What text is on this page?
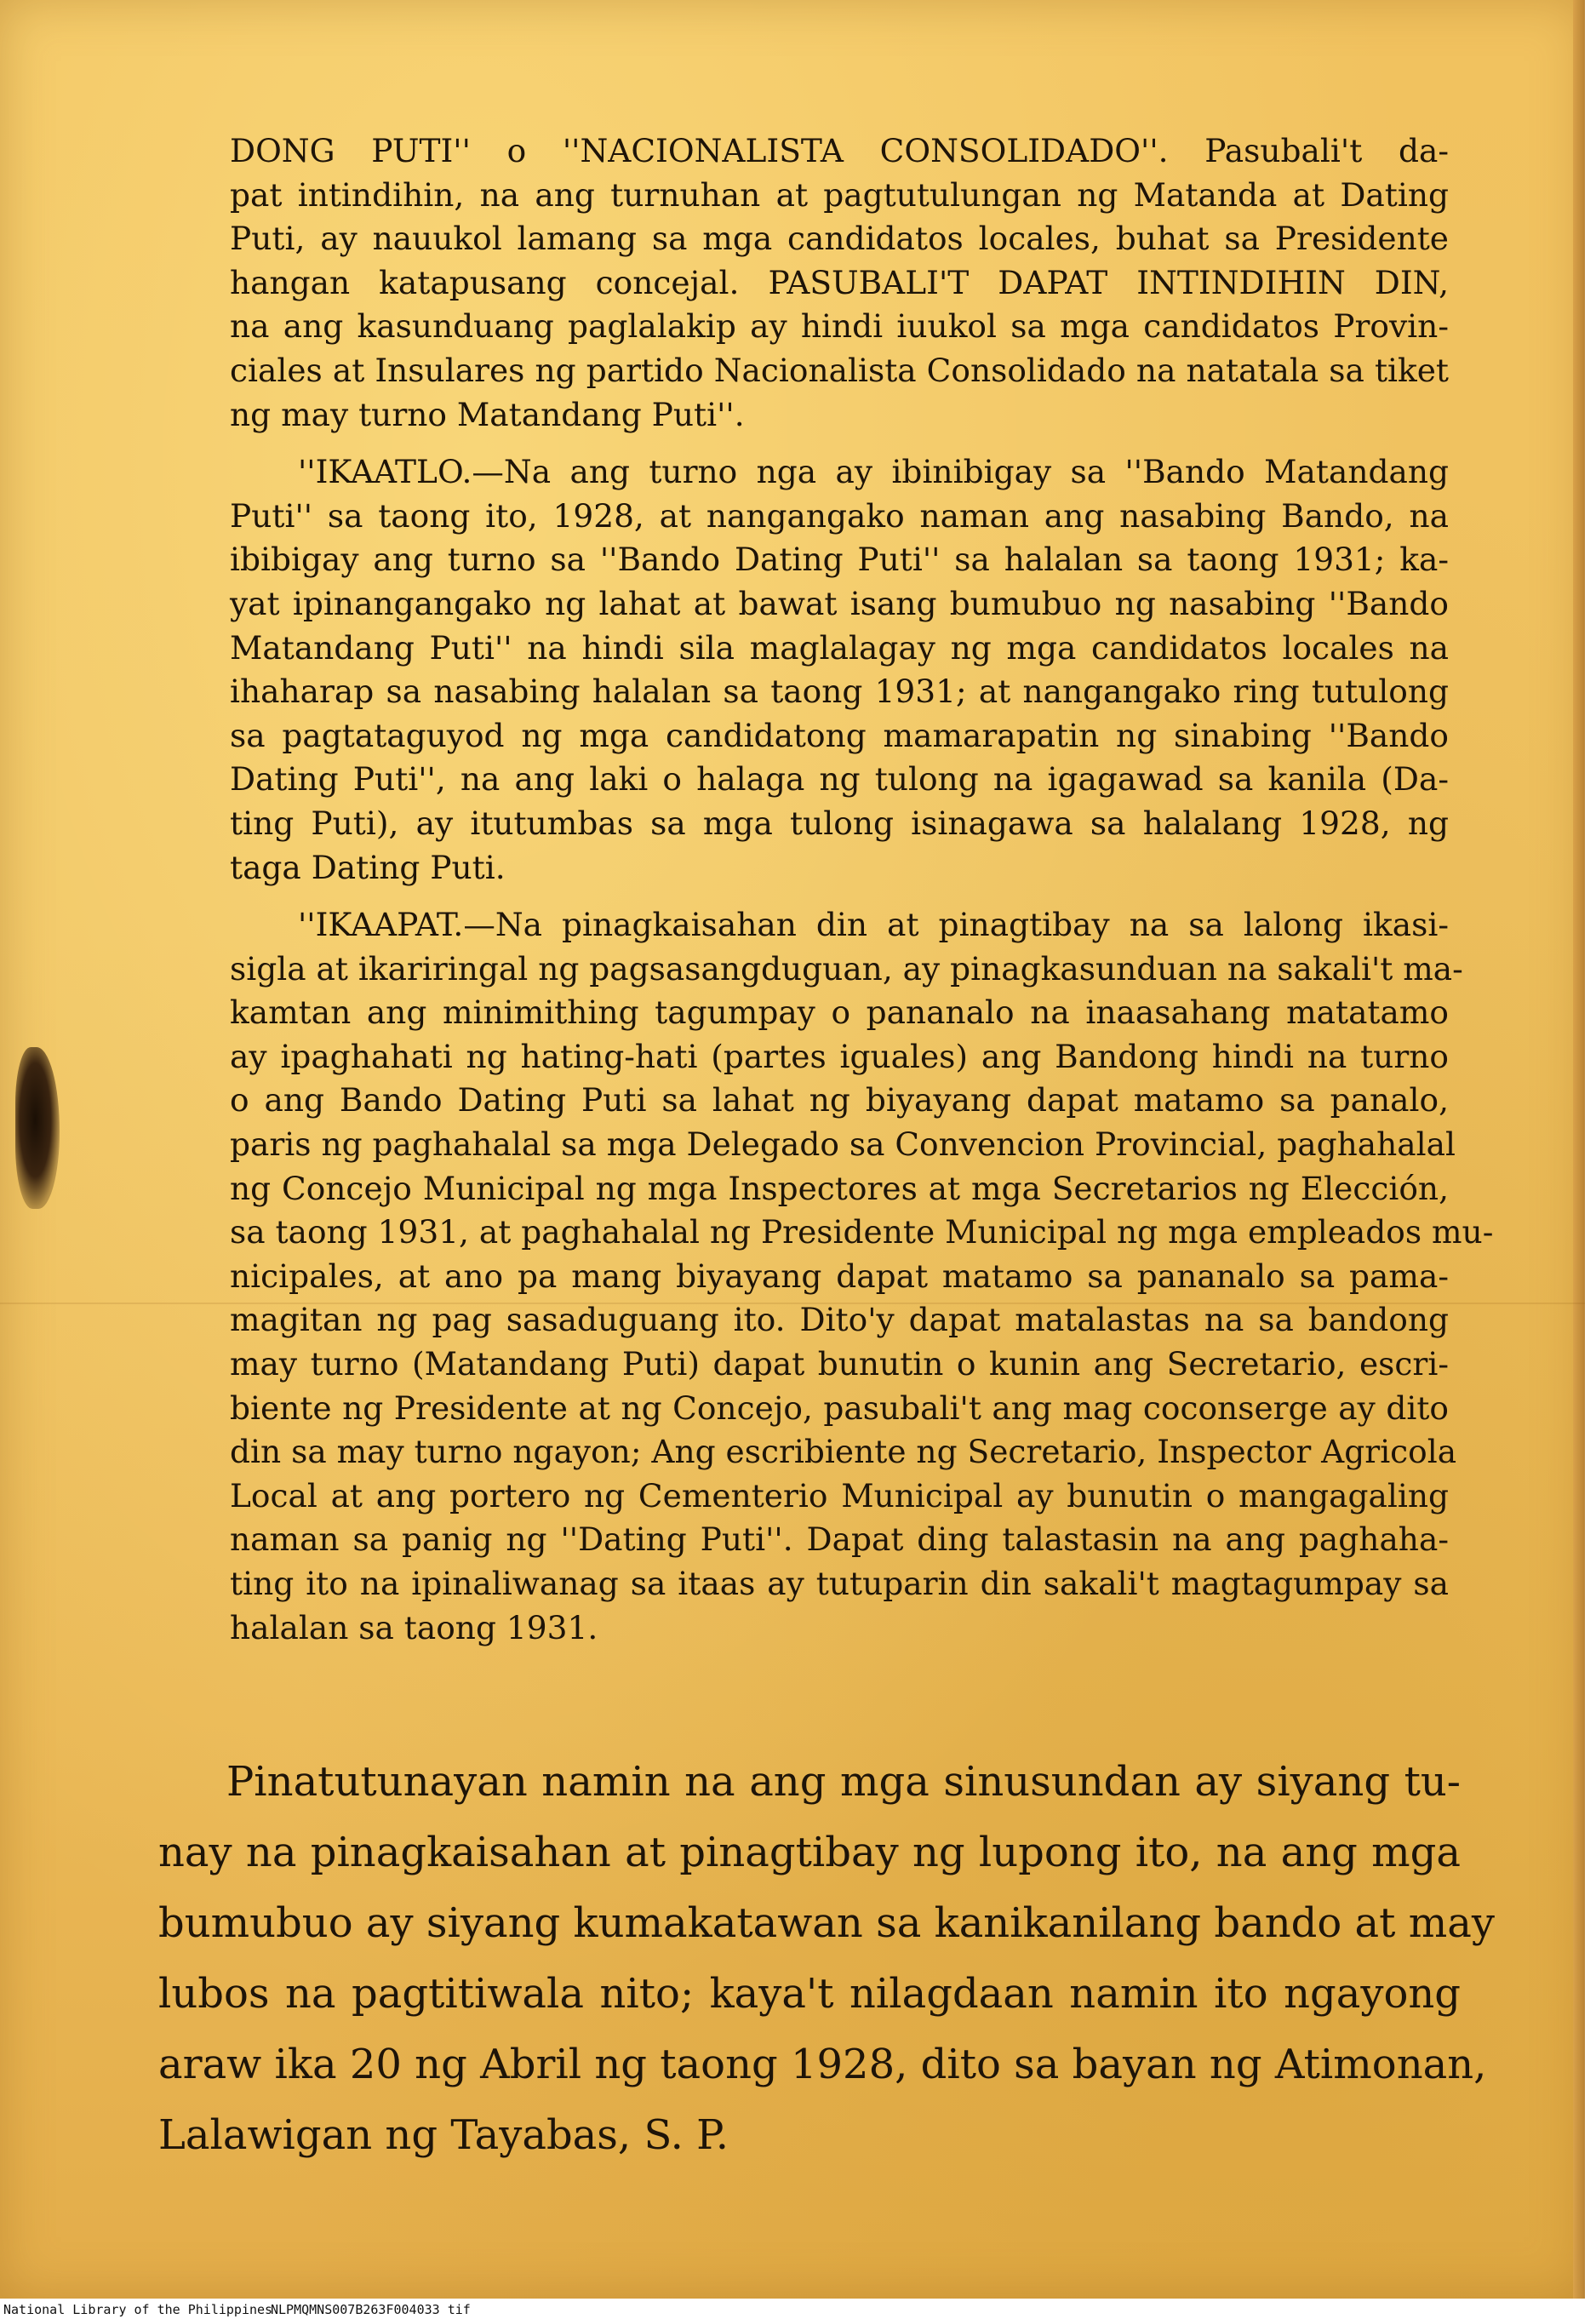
DONG PUTI'' o ''NACIONALISTA CONSOLIDADO''. Pasubali't da-
pat intindihin, na ang turnuhan at pagtutulungan ng Matanda at Dating
Puti, ay nauukol lamang sa mga candidatos locales, buhat sa Presidente
hangan katapusang concejal. PASUBALI'T DAPAT INTINDIHIN DIN,
na ang kasunduang paglalakip ay hindi iuukol sa mga candidatos Provin-
ciales at Insulares ng partido Nacionalista Consolidado na natatala sa tiket
ng may turno Matandang Puti''.
''IKAATLO.—Na ang turno nga ay ibinibigay sa ''Bando Matandang
Puti'' sa taong ito, 1928, at nangangako naman ang nasabing Bando, na
ibibigay ang turno sa ''Bando Dating Puti'' sa halalan sa taong 1931; ka-
yat ipinangangako ng lahat at bawat isang bumubuo ng nasabing ''Bando
Matandang Puti'' na hindi sila maglalagay ng mga candidatos locales na
ihaharap sa nasabing halalan sa taong 1931; at nangangako ring tutulong
sa pagtataguyod ng mga candidatong mamarapatin ng sinabing ''Bando
Dating Puti'', na ang laki o halaga ng tulong na igagawad sa kanila (Da-
ting Puti), ay itutumbas sa mga tulong isinagawa sa halalang 1928, ng
taga Dating Puti.
''IKAAPAT.—Na pinagkaisahan din at pinagtibay na sa lalong ikasi-
sigla at ikariringal ng pagsasangduguan, ay pinagkasunduan na sakali't ma-
kamtan ang minimithing tagumpay o pananalo na inaasahang matatamo
ay ipaghahati ng hating-hati (partes iguales) ang Bandong hindi na turno
o ang Bando Dating Puti sa lahat ng biyayang dapat matamo sa panalo,
paris ng paghahalal sa mga Delegado sa Convencion Provincial, paghahalal
ng Concejo Municipal ng mga Inspectores at mga Secretarios ng Elección,
sa taong 1931, at paghahalal ng Presidente Municipal ng mga empleados mu-
nicipales, at ano pa mang biyayang dapat matamo sa pananalo sa pama-
magitan ng pag sasaduguang ito. Dito'y dapat matalastas na sa bandong
may turno (Matandang Puti) dapat bunutin o kunin ang Secretario, escri-
biente ng Presidente at ng Concejo, pasubali't ang mag coconserge ay dito
din sa may turno ngayon; Ang escribiente ng Secretario, Inspector Agricola
Local at ang portero ng Cementerio Municipal ay bunutin o mangagaling
naman sa panig ng ''Dating Puti''. Dapat ding talastasin na ang paghaha-
ting ito na ipinaliwanag sa itaas ay tutuparin din sakali't magtagumpay sa
halalan sa taong 1931.
Pinatutunayan namin na ang mga sinusundan ay siyang tu-
nay na pinagkaisahan at pinagtibay ng lupong ito, na ang mga
bumubuo ay siyang kumakatawan sa kanikanilang bando at may
lubos na pagtitiwala nito; kaya't nilagdaan namin ito ngayong
araw ika 20 ng Abril ng taong 1928, dito sa bayan ng Atimonan,
Lalawigan ng Tayabas, S. P.
National Library of the Philippines
NLPMQMNS007B263F004033 tif
